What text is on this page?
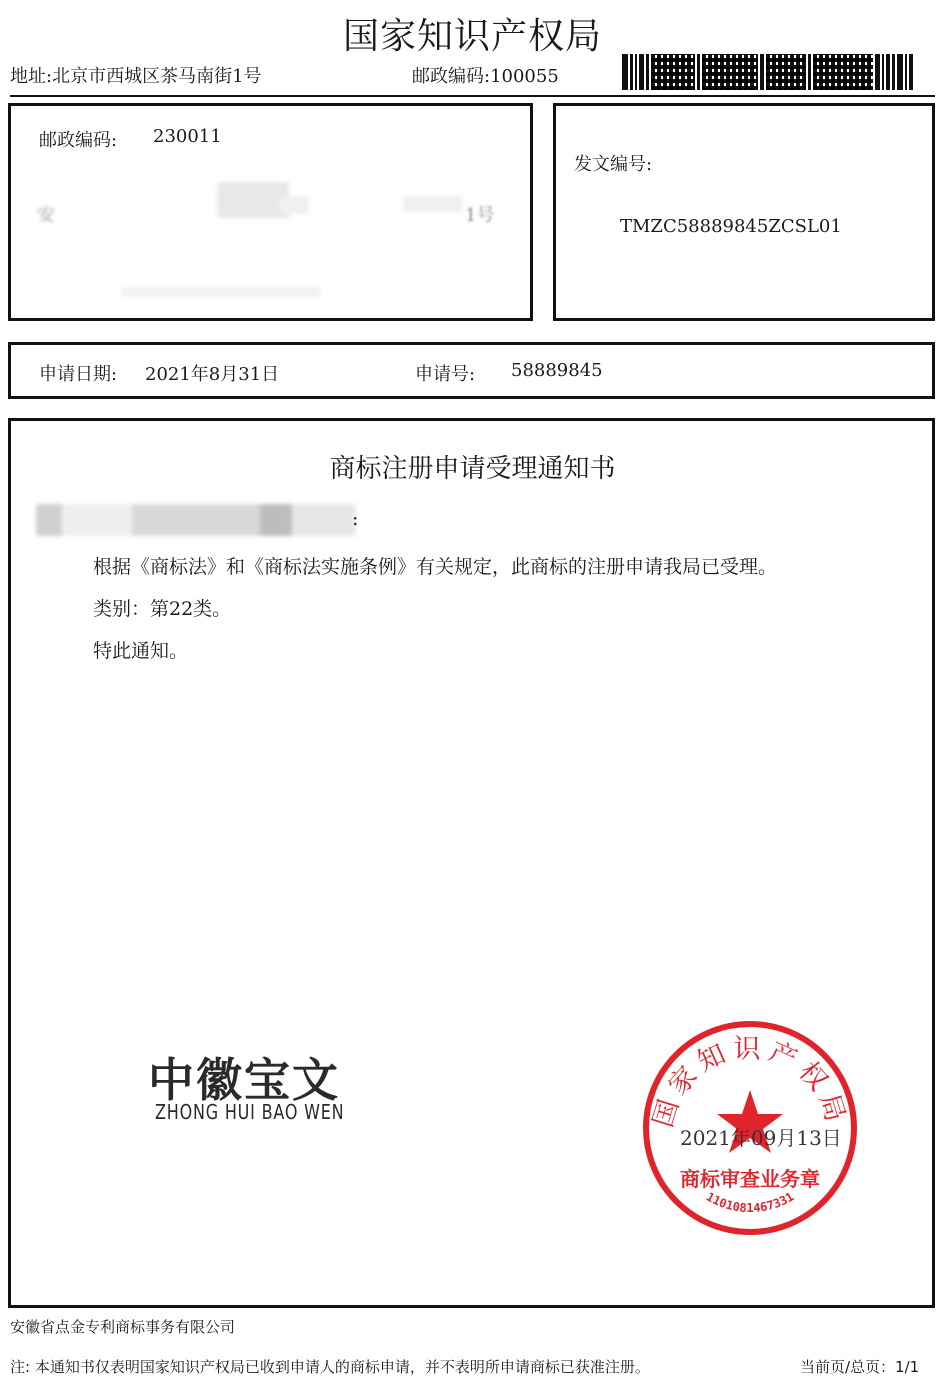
国家知识产权局
地址:北京市西城区茶马南街1号	邮政编码:100055
邮政编码: 230011
安	1号
发文编号:
TMZC58889845ZCSL01
申请日期: 2021年8月31日	申请号: 58889845
商标注册申请受理通知书
:
根据《商标法》和《商标法实施条例》有关规定，此商标的注册申请我局已受理。
类别：第22类。
特此通知。
中徽宝文
ZHONG HUI BAO WEN	国家知识产权局
商标审查业务章
1101081467331
2021年09月13日
安徽省点金专利商标事务有限公司
注: 本通知书仅表明国家知识产权局已收到申请人的商标申请，并不表明所申请商标已获准注册。	当前页/总页：1/1
